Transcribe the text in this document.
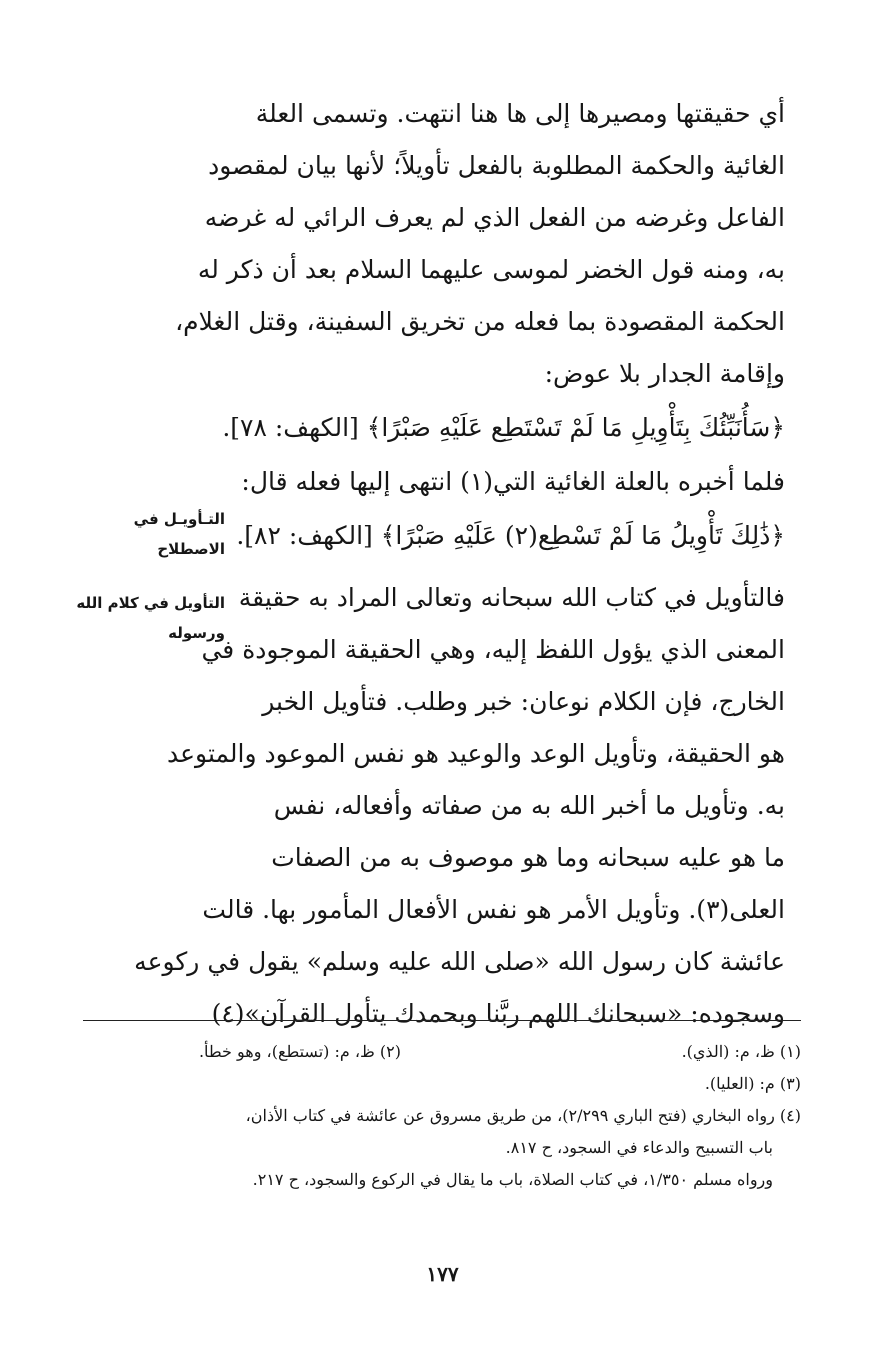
أي حقيقتها ومصيرها إلى ها هنا انتهت. وتسمى العلة
الغائية والحكمة المطلوبة بالفعل تأويلاً؛ لأنها بيان لمقصود
الفاعل وغرضه من الفعل الذي لم يعرف الرائي له غرضه
به، ومنه قول الخضر لموسى عليهما السلام بعد أن ذكر له
الحكمة المقصودة بما فعله من تخريق السفينة، وقتل الغلام،
وإقامة الجدار بلا عوض:
﴿سَأُنَبِّئُكَ بِتَأْوِيلِ مَا لَمْ تَسْتَطِع عَلَيْهِ صَبْرًا﴾ [الكهف: ٧٨].
فلما أخبره بالعلة الغائية التي(١) انتهى إليها فعله قال:
﴿ذَٰلِكَ تَأْوِيلُ مَا لَمْ تَسْطِع(٢) عَلَيْهِ صَبْرًا﴾ [الكهف: ٨٢].
فالتأويل في كتاب الله سبحانه وتعالى المراد به حقيقة
المعنى الذي يؤول اللفظ إليه، وهي الحقيقة الموجودة في
الخارج، فإن الكلام نوعان: خبر وطلب. فتأويل الخبر
هو الحقيقة، وتأويل الوعد والوعيد هو نفس الموعود والمتوعد
به. وتأويل ما أخبر الله به من صفاته وأفعاله، نفس
ما هو عليه سبحانه وما هو موصوف به من الصفات
العلى(٣). وتأويل الأمر هو نفس الأفعال المأمور بها. قالت
عائشة كان رسول الله «صلى الله عليه وسلم» يقول في ركوعه
وسجوده: «سبحانك اللهم ربَّنا وبحمدك يتأول القرآن»(٤)
التـأويـل في
الاصطلاح
التأويل في كلام الله
ورسوله
(١) ظ، م: (الذي).
(٢) ظ، م: (تستطع)، وهو خطأ.
(٣) م: (العليا).
(٤) رواه البخاري (فتح الباري ٢/٢٩٩)، من طريق مسروق عن عائشة في كتاب الأذان،
باب التسبيح والدعاء في السجود، ح ٨١٧.
ورواه مسلم ١/٣٥٠، في كتاب الصلاة، باب ما يقال في الركوع والسجود، ح ٢١٧.
١٧٧
